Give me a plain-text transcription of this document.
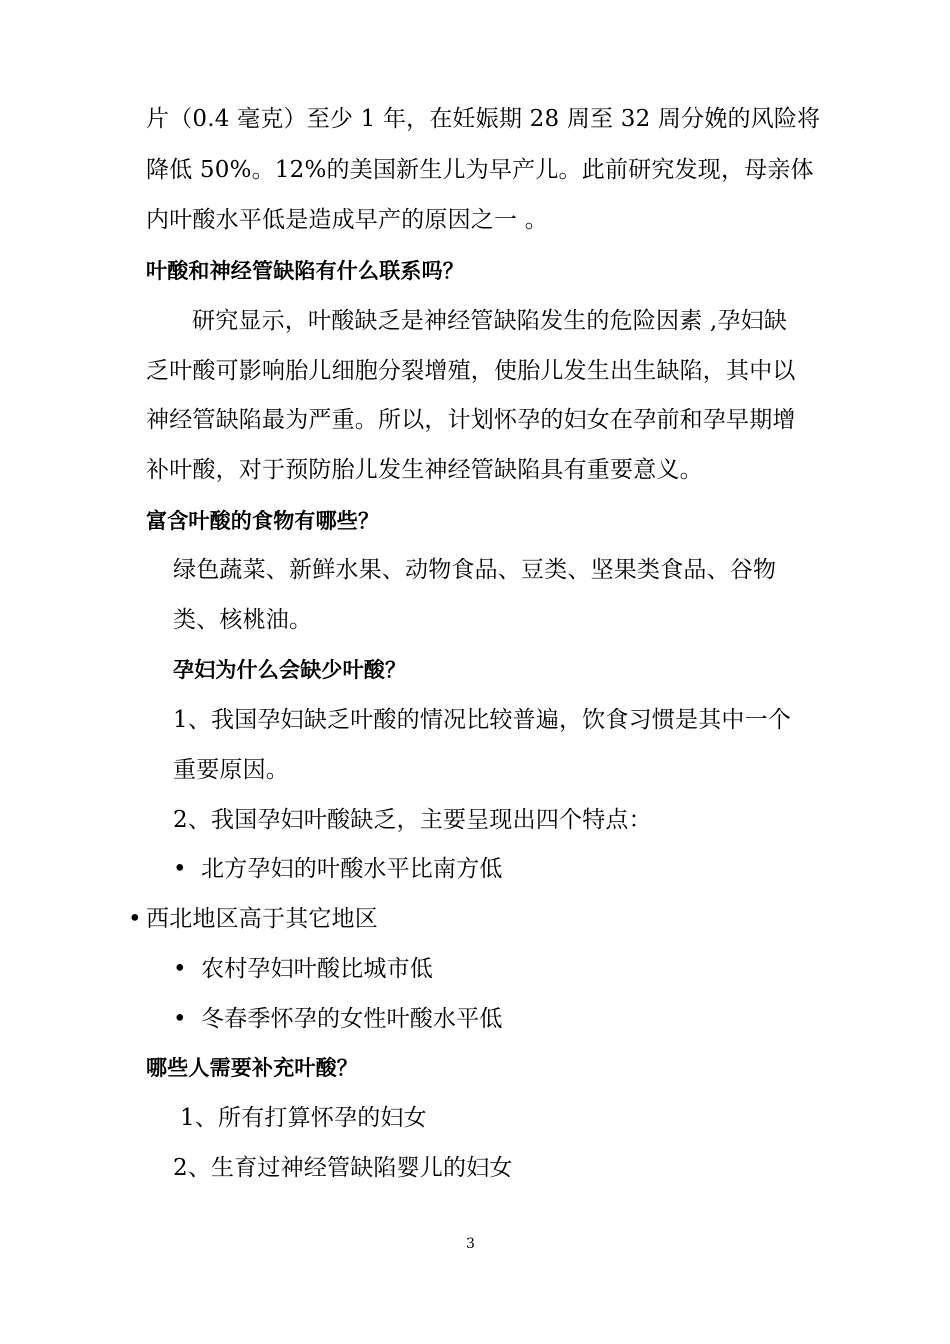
片（0.4 毫克）至少 1 年，在妊娠期 28 周至 32 周分娩的风险将
降低 50%。12%的美国新生儿为早产儿。此前研究发现，母亲体
内叶酸水平低是造成早产的原因之一 。
叶酸和神经管缺陷有什么联系吗？
研究显示，叶酸缺乏是神经管缺陷发生的危险因素 ,孕妇缺
乏叶酸可影响胎儿细胞分裂增殖，使胎儿发生出生缺陷，其中以
神经管缺陷最为严重。所以，计划怀孕的妇女在孕前和孕早期增
补叶酸，对于预防胎儿发生神经管缺陷具有重要意义。
富含叶酸的食物有哪些？
绿色蔬菜、新鲜水果、动物食品、豆类、坚果类食品、谷物
类、核桃油。
孕妇为什么会缺少叶酸？
1、我国孕妇缺乏叶酸的情况比较普遍，饮食习惯是其中一个
重要原因。
2、我国孕妇叶酸缺乏，主要呈现出四个特点：
• 北方孕妇的叶酸水平比南方低
• 西北地区高于其它地区
• 农村孕妇叶酸比城市低
• 冬春季怀孕的女性叶酸水平低
哪些人需要补充叶酸？
1、所有打算怀孕的妇女
2、生育过神经管缺陷婴儿的妇女
3
